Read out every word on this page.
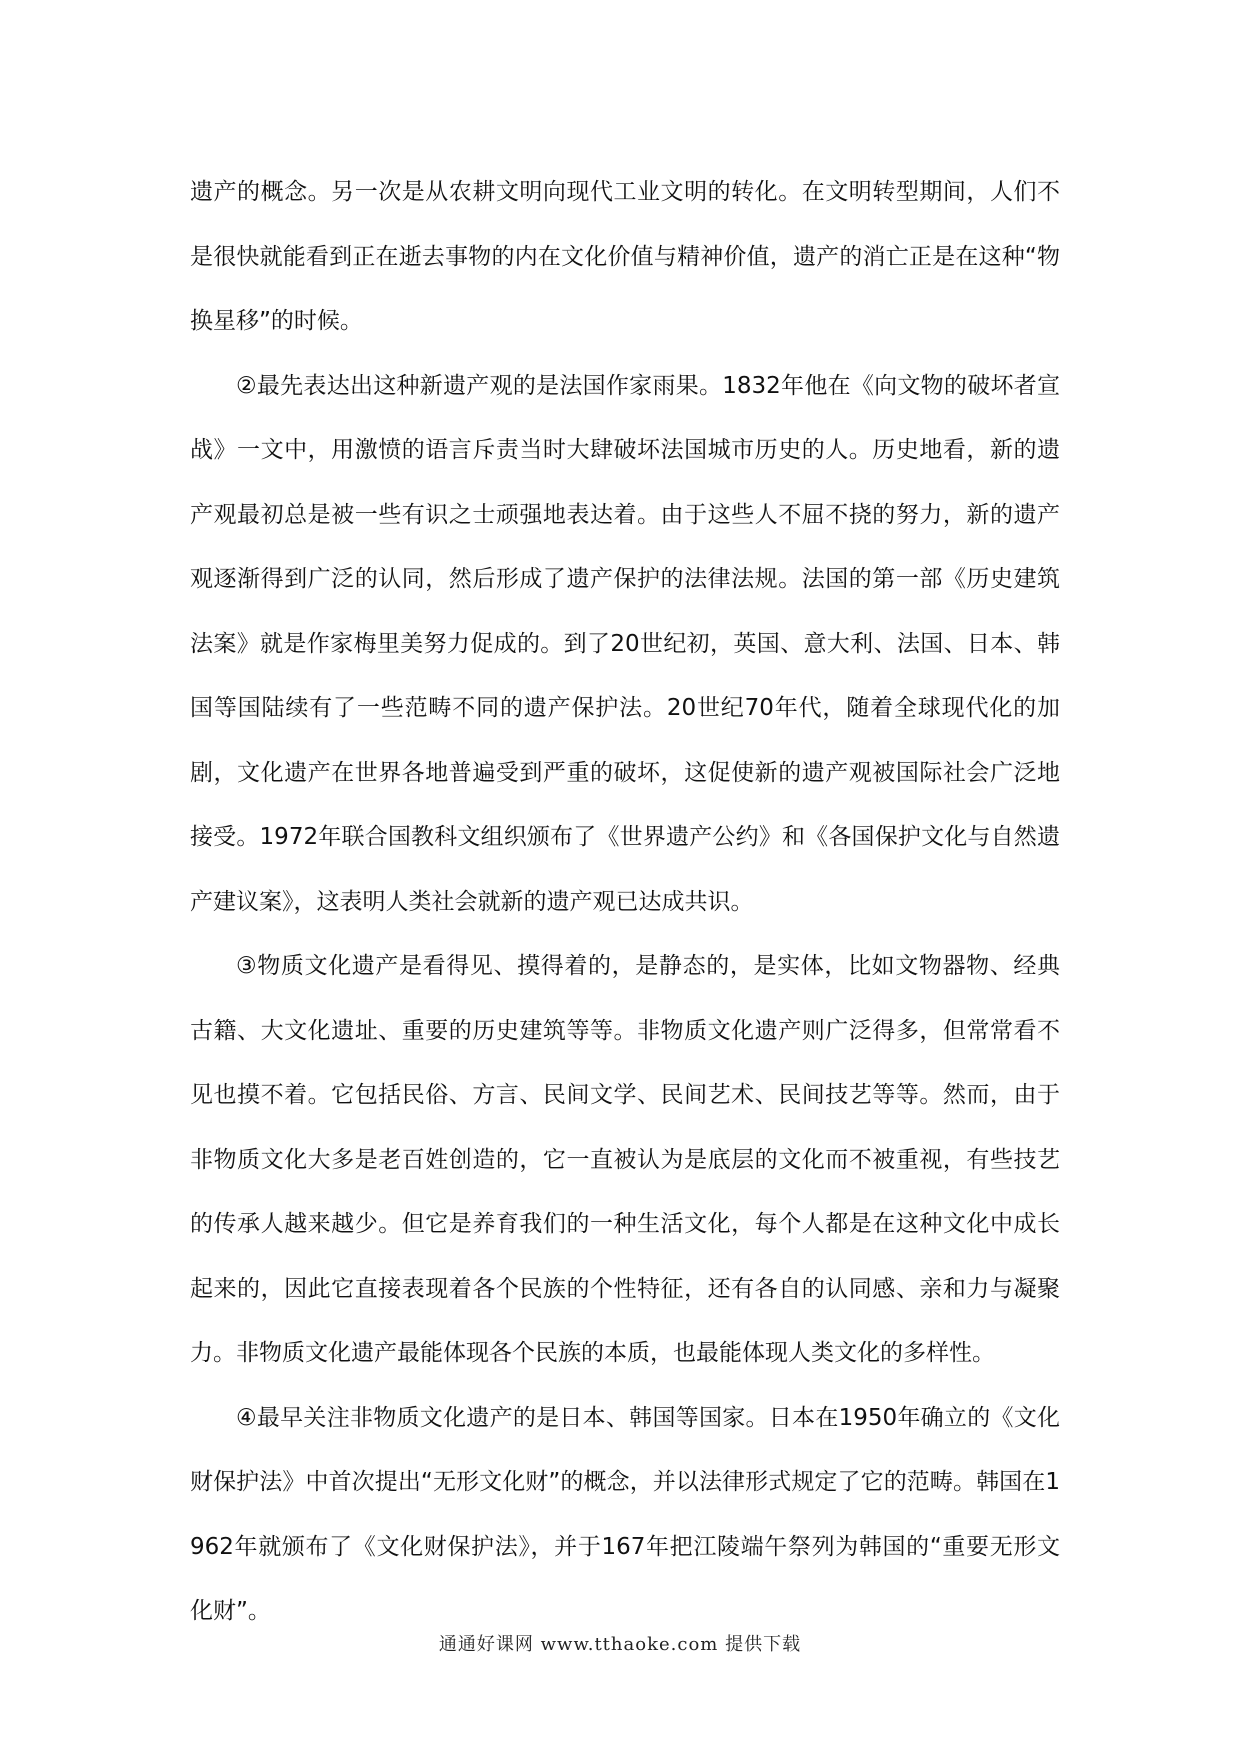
遗产的概念。另一次是从农耕文明向现代工业文明的转化。在文明转型期间，人们不是很快就能看到正在逝去事物的内在文化价值与精神价值，遗产的消亡正是在这种“物换星移”的时候。

②最先表达出这种新遗产观的是法国作家雨果。1832年他在《向文物的破坏者宣战》一文中，用激愤的语言斥责当时大肆破坏法国城市历史的人。历史地看，新的遗产观最初总是被一些有识之士顽强地表达着。由于这些人不屈不挠的努力，新的遗产观逐渐得到广泛的认同，然后形成了遗产保护的法律法规。法国的第一部《历史建筑法案》就是作家梅里美努力促成的。到了20世纪初，英国、意大利、法国、日本、韩国等国陆续有了一些范畴不同的遗产保护法。20世纪70年代，随着全球现代化的加剧，文化遗产在世界各地普遍受到严重的破坏，这促使新的遗产观被国际社会广泛地接受。1972年联合国教科文组织颁布了《世界遗产公约》和《各国保护文化与自然遗产建议案》，这表明人类社会就新的遗产观已达成共识。

③物质文化遗产是看得见、摸得着的，是静态的，是实体，比如文物器物、经典古籍、大文化遗址、重要的历史建筑等等。非物质文化遗产则广泛得多，但常常看不见也摸不着。它包括民俗、方言、民间文学、民间艺术、民间技艺等等。然而，由于非物质文化大多是老百姓创造的，它一直被认为是底层的文化而不被重视，有些技艺的传承人越来越少。但它是养育我们的一种生活文化，每个人都是在这种文化中成长起来的，因此它直接表现着各个民族的个性特征，还有各自的认同感、亲和力与凝聚力。非物质文化遗产最能体现各个民族的本质，也最能体现人类文化的多样性。

④最早关注非物质文化遗产的是日本、韩国等国家。日本在1950年确立的《文化财保护法》中首次提出“无形文化财”的概念，并以法律形式规定了它的范畴。韩国在1962年就颁布了《文化财保护法》，并于167年把江陵端午祭列为韩国的“重要无形文化财”。

通通好课网 www.tthaoke.com 提供下载
